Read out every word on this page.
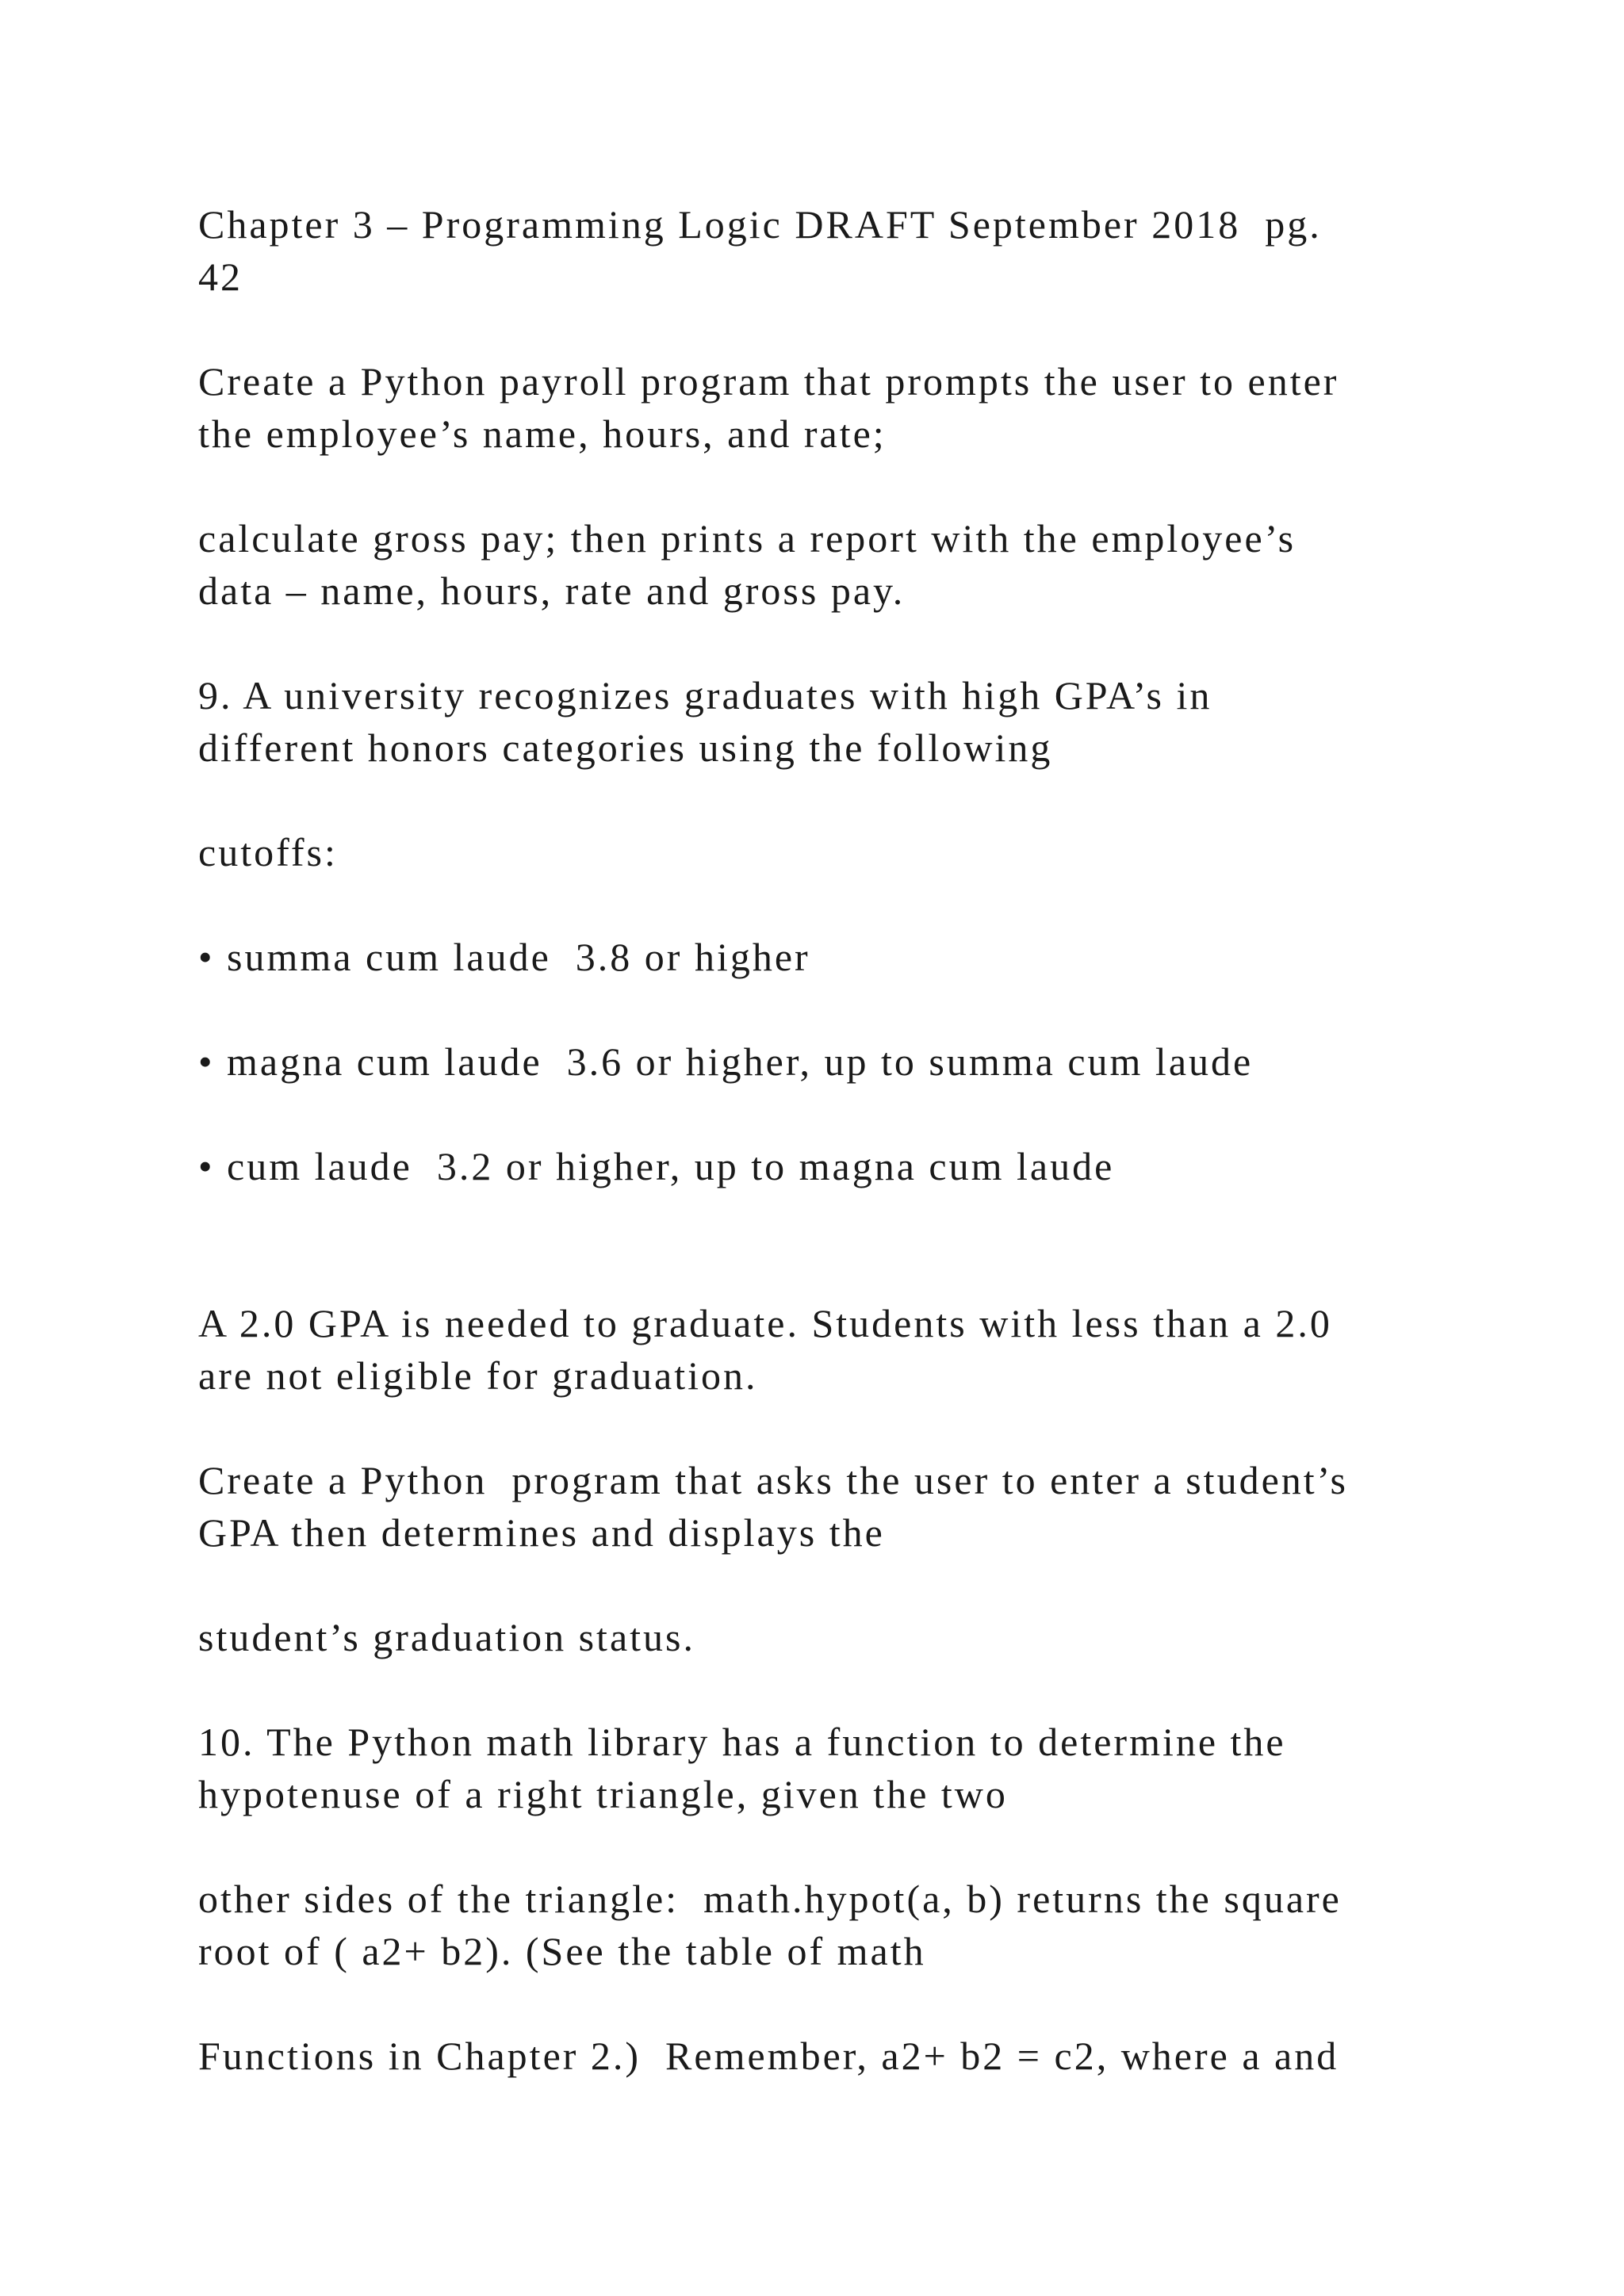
Chapter 3 – Programming Logic DRAFT September 2018  pg.
42

Create a Python payroll program that prompts the user to enter
the employee’s name, hours, and rate;

calculate gross pay; then prints a report with the employee’s
data – name, hours, rate and gross pay.

9. A university recognizes graduates with high GPA’s in
different honors categories using the following

cutoffs:

• summa cum laude  3.8 or higher

• magna cum laude  3.6 or higher, up to summa cum laude

• cum laude  3.2 or higher, up to magna cum laude

A 2.0 GPA is needed to graduate. Students with less than a 2.0
are not eligible for graduation.

Create a Python  program that asks the user to enter a student’s
GPA then determines and displays the

student’s graduation status.

10. The Python math library has a function to determine the
hypotenuse of a right triangle, given the two

other sides of the triangle:  math.hypot(a, b) returns the square
root of ( a2+ b2). (See the table of math

Functions in Chapter 2.)  Remember, a2+ b2 = c2, where a and
